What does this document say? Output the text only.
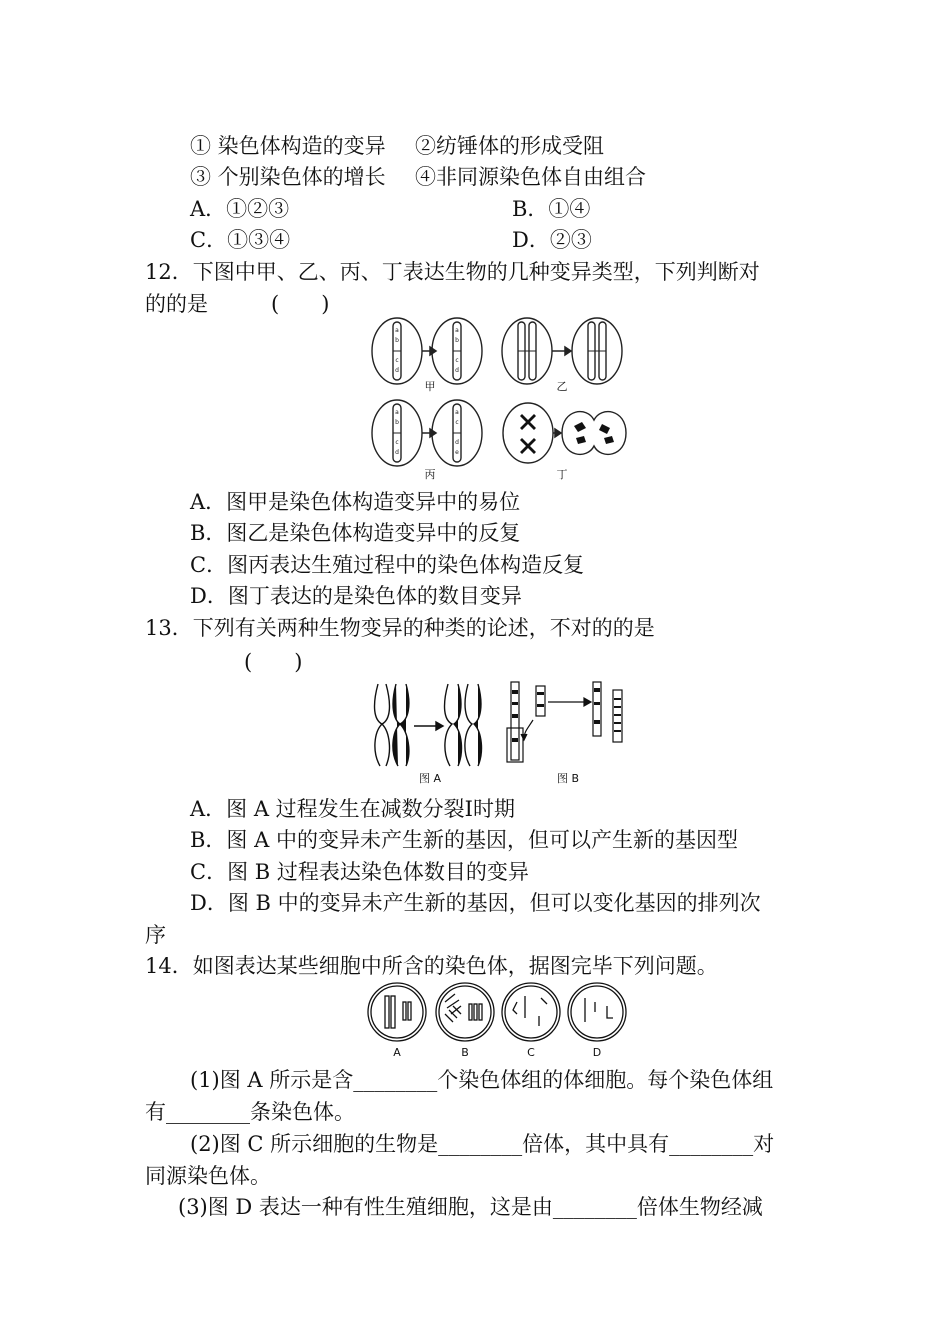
① 染色体构造的变异 ②纺锤体的形成受阻
③ 个别染色体的增长 ④非同源染色体自由组合
A．①②③	B．①④
C．①③④	D．②③
12．下图中甲、乙、丙、丁表达生物的几种变异类型，下列判断对
的的是　　　(　　)
a
b
c
d
a
b
c
d
a
b
c
d
a
c
d
e
甲	乙
丙	丁
A．图甲是染色体构造变异中的易位
B．图乙是染色体构造变异中的反复
C．图丙表达生殖过程中的染色体构造反复
D．图丁表达的是染色体的数目变异
13．下列有关两种生物变异的种类的论述，不对的的是
(　　)
图 A	图 B
A．图 A 过程发生在减数分裂Ⅰ时期
B．图 A 中的变异未产生新的基因，但可以产生新的基因型
C．图 B 过程表达染色体数目的变异
D．图 B 中的变异未产生新的基因，但可以变化基因的排列次
序
14．如图表达某些细胞中所含的染色体，据图完毕下列问题。
A	B	C	D
(1)图 A 所示是含________个染色体组的体细胞。每个染色体组
有________条染色体。
(2)图 C 所示细胞的生物是________倍体，其中具有________对
同源染色体。
(3)图 D 表达一种有性生殖细胞，这是由________倍体生物经减
